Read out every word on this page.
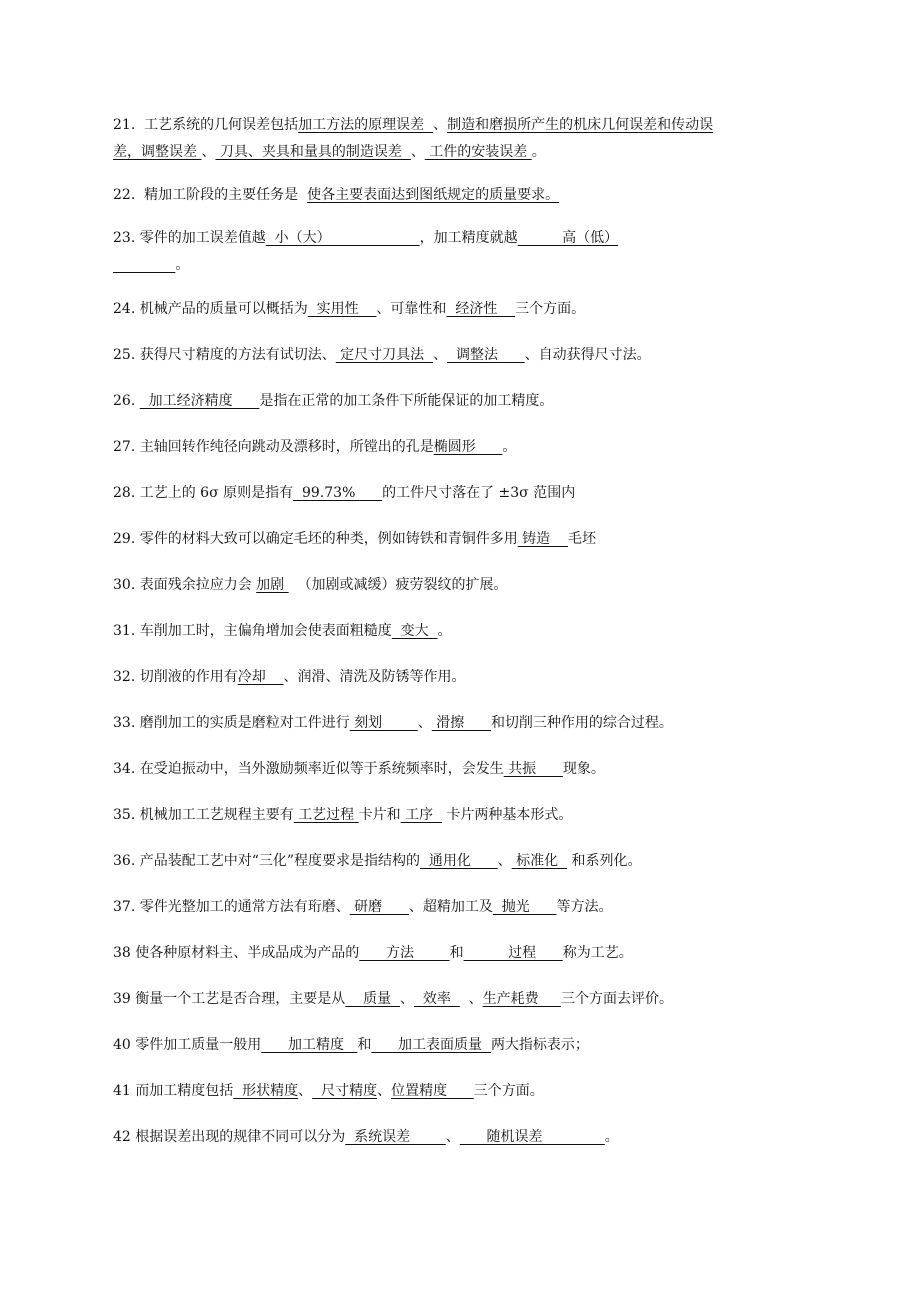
21.  工艺系统的几何误差包括加工方法的原理误差  、制造和磨损所产生的机床几何误差和传动误
差，调整误差 、 刀具、夹具和量具的制造误差  、 工件的安装误差 。
22.  精加工阶段的主要任务是  使各主要表面达到图纸规定的质量要求。
23. 零件的加工误差值越  小（大）                    ，加工精度就越          高（低）
。
24. 机械产品的质量可以概括为  实用性    、可靠性和  经济性    三个方面。
25. 获得尺寸精度的方法有试切法、 定尺寸刀具法  、  调整法      、自动获得尺寸法。
26.   加工经济精度      是指在正常的加工条件下所能保证的加工精度。
27. 主轴回转作纯径向跳动及漂移时，所镗出的孔是椭圆形      。
28. 工艺上的 6σ 原则是指有  99.73%      的工件尺寸落在了 ±3σ 范围内
29. 零件的材料大致可以确定毛坯的种类，例如铸铁和青铜件多用 铸造    毛坯
30. 表面残余拉应力会 加剧   （加剧或减缓）疲劳裂纹的扩展。
31. 车削加工时，主偏角增加会使表面粗糙度  变大  。
32. 切削液的作用有冷却    、润滑、清洗及防锈等作用。
33. 磨削加工的实质是磨粒对工件进行 刻划        、 滑擦      和切削三种作用的综合过程。
34. 在受迫振动中，当外激励频率近似等于系统频率时，会发生 共振      现象。
35. 机械加工工艺规程主要有 工艺过程 卡片和 工序   卡片两种基本形式。
36. 产品装配工艺中对“三化”程度要求是指结构的  通用化      、 标准化   和系列化。
37. 零件光整加工的通常方法有珩磨、 研磨      、超精加工及  抛光      等方法。
38 使各种原材料主、半成品成为产品的      方法        和          过程      称为工艺。
39 衡量一个工艺是否合理，主要是从    质量  、  效率    、生产耗费     三个方面去评价。
40 零件加工质量一般用      加工精度   和      加工表面质量  两大指标表示；
41 而加工精度包括  形状精度、  尺寸精度、位置精度      三个方面。
42 根据误差出现的规律不同可以分为  系统误差        、      随机误差              。
